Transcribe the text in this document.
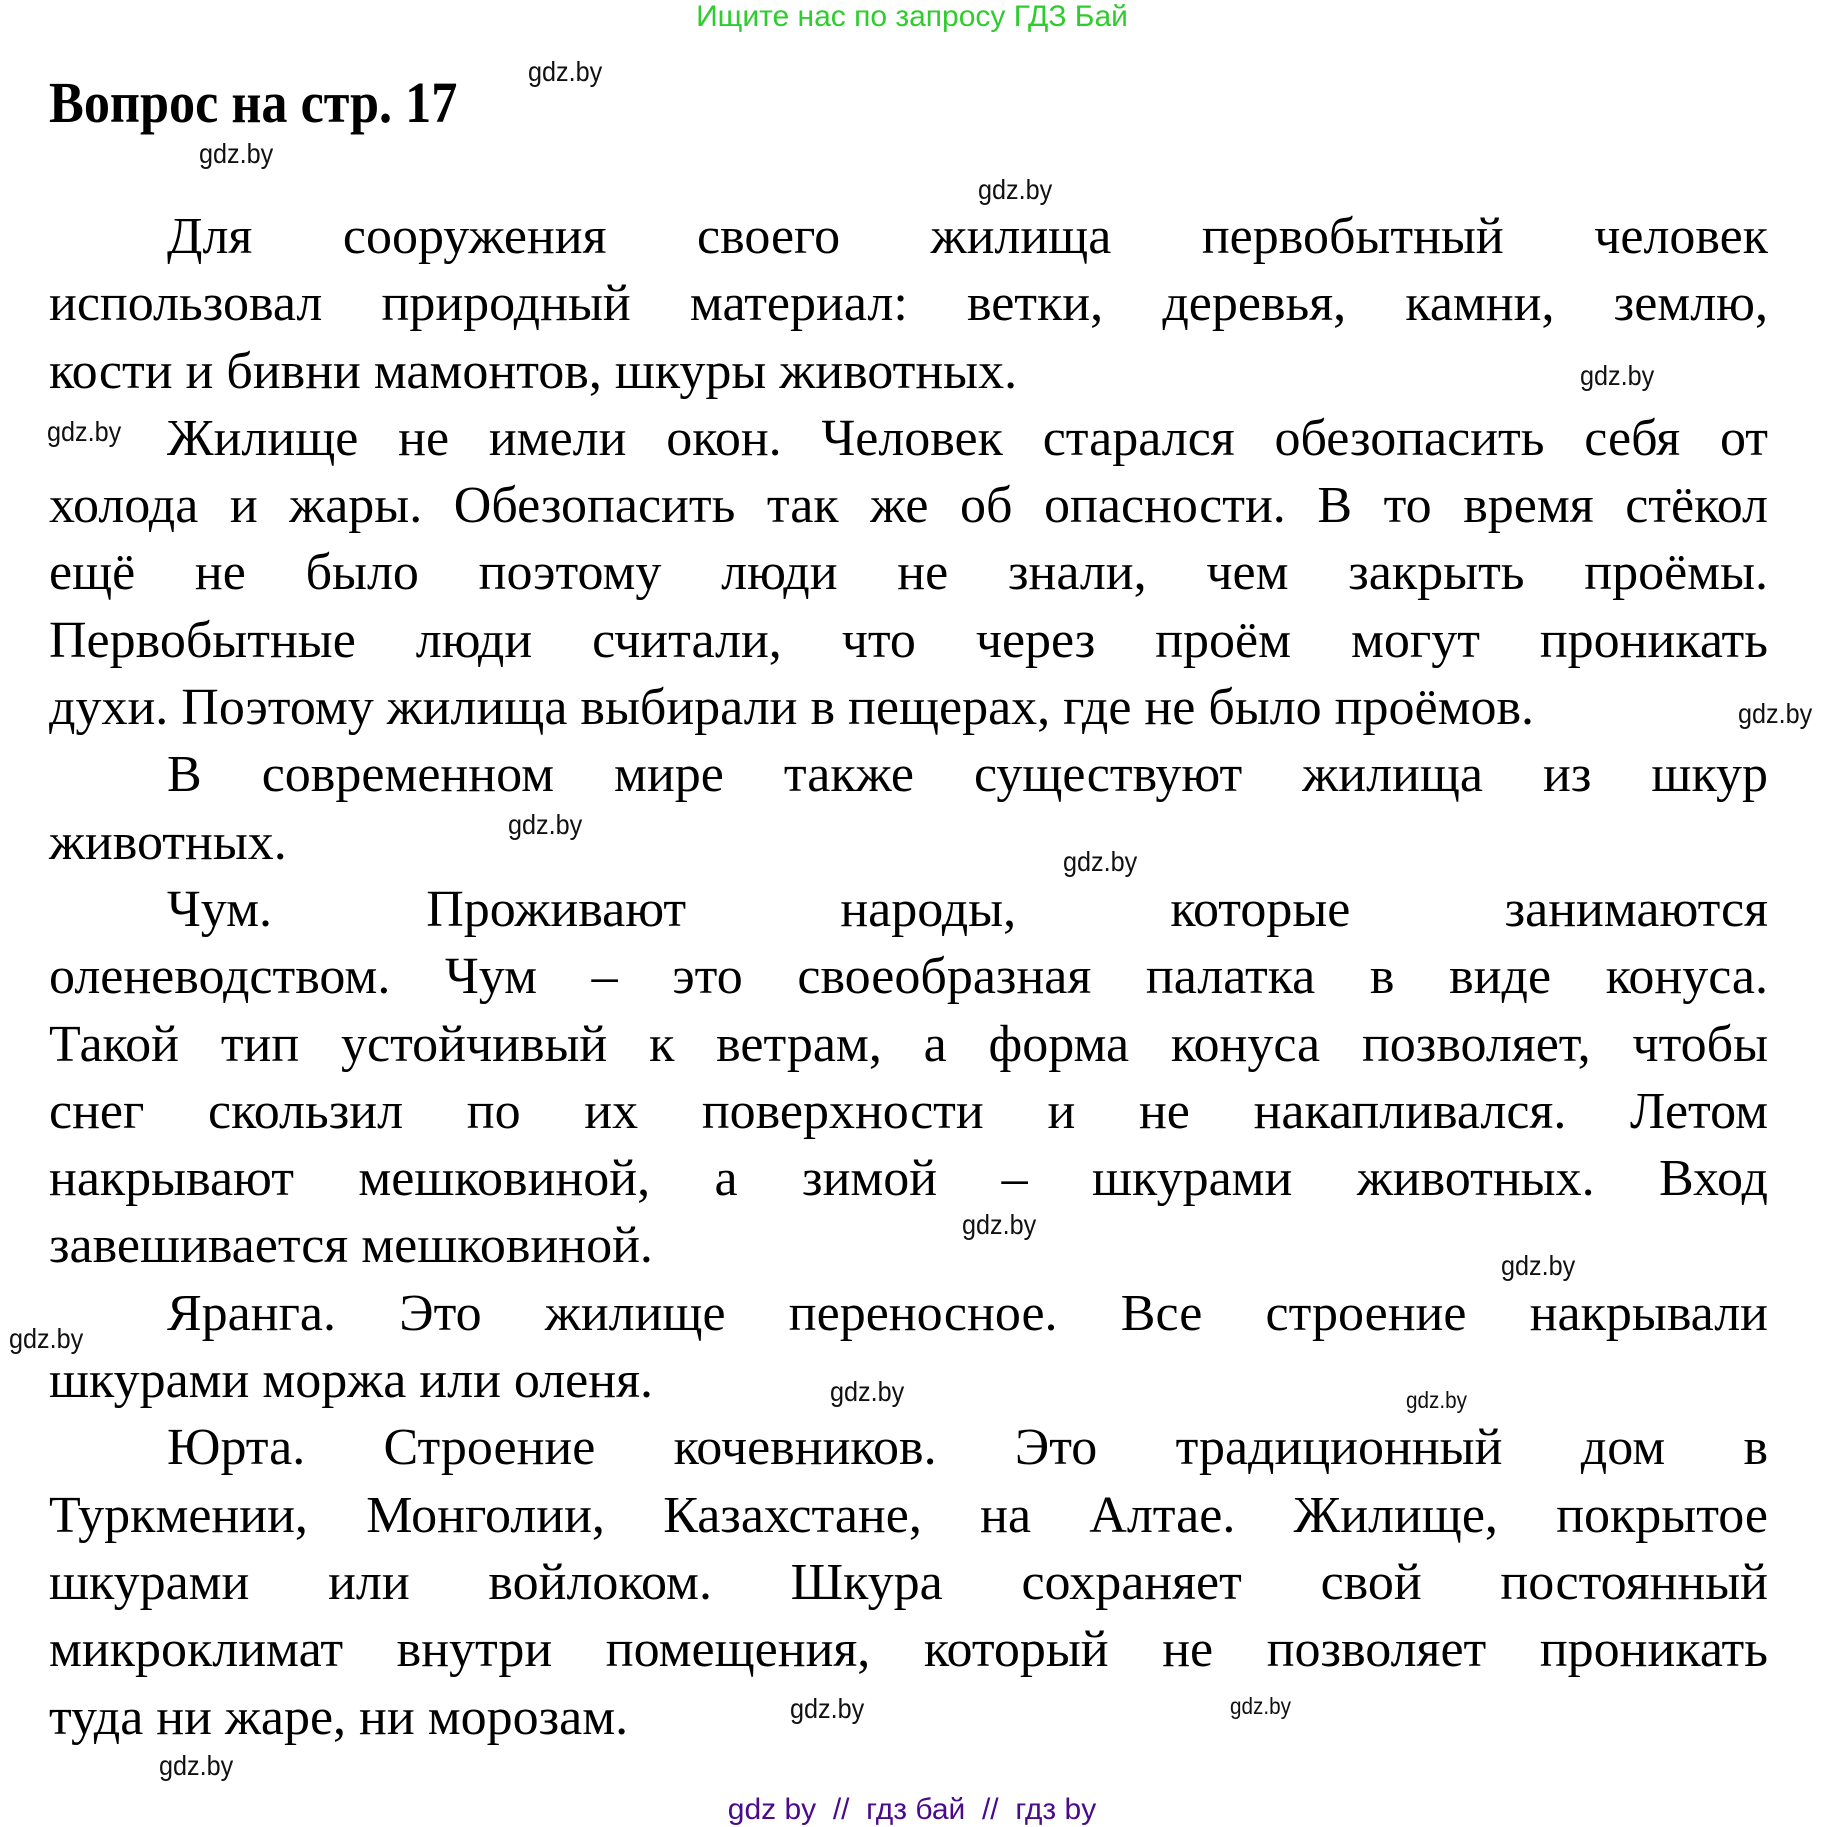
Ищите нас по запросу ГДЗ Бай
Вопрос на стр. 17
Для сооружения своего жилища первобытный человек
использовал природный материал: ветки, деревья, камни, землю,
кости и бивни мамонтов, шкуры животных.
Жилище не имели окон. Человек старался обезопасить себя от
холода и жары. Обезопасить так же об опасности. В то время стёкол
ещё не было поэтому люди не знали, чем закрыть проёмы.
Первобытные люди считали, что через проём могут проникать
духи. Поэтому жилища выбирали в пещерах, где не было проёмов.
В современном мире также существуют жилища из шкур
животных.
Чум. Проживают народы, которые занимаются
оленеводством. Чум – это своеобразная палатка в виде конуса.
Такой тип устойчивый к ветрам, а форма конуса позволяет, чтобы
снег скользил по их поверхности и не накапливался. Летом
накрывают мешковиной, а зимой – шкурами животных. Вход
завешивается мешковиной.
Яранга. Это жилище переносное. Все строение накрывали
шкурами моржа или оленя.
Юрта. Строение кочевников. Это традиционный дом в
Туркмении, Монголии, Казахстане, на Алтае. Жилище, покрытое
шкурами или войлоком. Шкура сохраняет свой постоянный
микроклимат внутри помещения, который не позволяет проникать
туда ни жаре, ни морозам.
gdz.by
gdz.by
gdz.by
gdz.by
gdz.by
gdz.by
gdz.by
gdz.by
gdz.by
gdz.by
gdz.by
gdz.by	gdz.by
gdz.by
gdz.by
gdz.by
gdz by  //  гдз бай  //  гдз by
